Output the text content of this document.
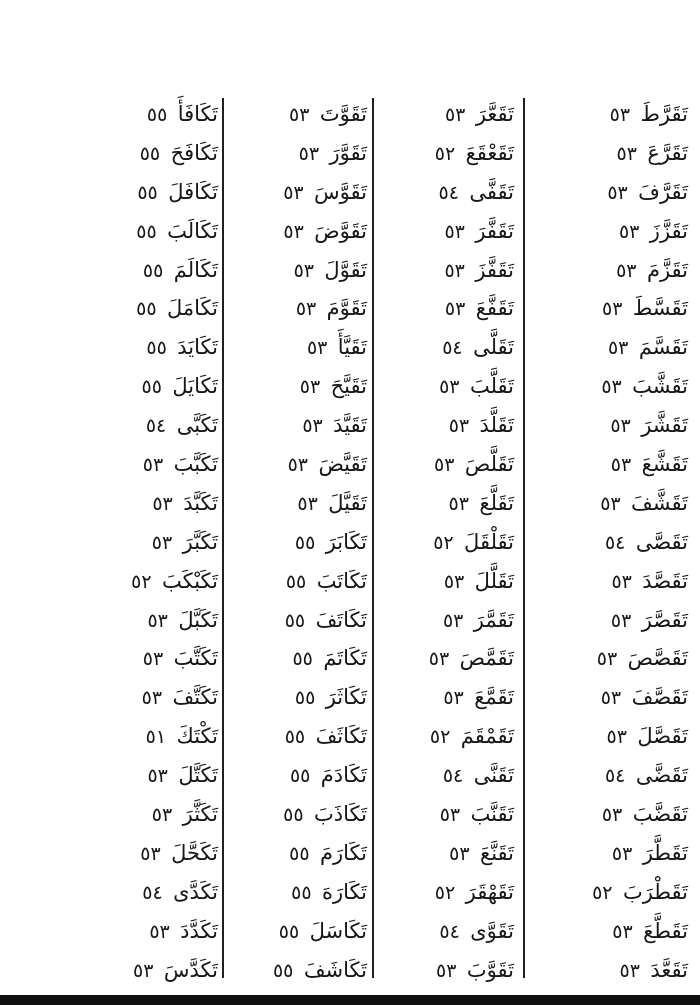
تَقَرَّطَ٥٣
تَقَرَّعَ٥٣
تَقَرَّفَ٥٣
تَقَزَّزَ٥٣
تَقَزَّمَ٥٣
تَقَسَّطَ٥٣
تَقَسَّمَ٥٣
تَقَشَّبَ٥٣
تَقَشَّرَ٥٣
تَقَشَّعَ٥٣
تَقَشَّفَ٥٣
تَقَصَّى٥٤
تَقَصَّدَ٥٣
تَقَصَّرَ٥٣
تَقَصَّصَ٥٣
تَقَصَّفَ٥٣
تَقَصَّلَ٥٣
تَقَضَّى٥٤
تَقَضَّبَ٥٣
تَقَطَّرَ٥٣
تَقَطْرَبَ٥٢
تَقَطَّعَ٥٣
تَقَعَّدَ٥٣
تَقَعَّرَ٥٣
تَقَعْقَعَ٥٢
تَقَفَّى٥٤
تَقَفَّرَ٥٣
تَقَفَّزَ٥٣
تَقَفَّعَ٥٣
تَقَلَّى٥٤
تَقَلَّبَ٥٣
تَقَلَّدَ٥٣
تَقَلَّصَ٥٣
تَقَلَّعَ٥٣
تَقَلْقَلَ٥٢
تَقَلَّلَ٥٣
تَقَمَّرَ٥٣
تَقَمَّصَ٥٣
تَقَمَّعَ٥٣
تَقَمْقَمَ٥٢
تَقَنَّى٥٤
تَقَنَّبَ٥٣
تَقَنَّعَ٥٣
تَقَهْقَرَ٥٢
تَقَوَّى٥٤
تَقَوَّبَ٥٣
تَقَوَّتَ٥٣
تَقَوَّرَ٥٣
تَقَوَّسَ٥٣
تَقَوَّضَ٥٣
تَقَوَّلَ٥٣
تَقَوَّمَ٥٣
تَقَيَّأَ٥٣
تَقَيَّحَ٥٣
تَقَيَّدَ٥٣
تَقَيَّضَ٥٣
تَقَيَّلَ٥٣
تَكَابَرَ٥٥
تَكَاتَبَ٥٥
تَكَاتَفَ٥٥
تَكَاتَمَ٥٥
تَكَاثَرَ٥٥
تَكَاثَفَ٥٥
تَكَادَمَ٥٥
تَكَاذَبَ٥٥
تَكَارَمَ٥٥
تَكَارَهَ٥٥
تَكَاسَلَ٥٥
تَكَاشَفَ٥٥
تَكَافَأَ٥٥
تَكَافَحَ٥٥
تَكَافَلَ٥٥
تَكَالَبَ٥٥
تَكَالَمَ٥٥
تَكَامَلَ٥٥
تَكَايَدَ٥٥
تَكَايَلَ٥٥
تَكَبَّى٥٤
تَكَبَّبَ٥٣
تَكَبَّدَ٥٣
تَكَبَّرَ٥٣
تَكَبْكَبَ٥٢
تَكَبَّلَ٥٣
تَكَتَّبَ٥٣
تَكَتَّفَ٥٣
تَكْتَكَ٥١
تَكَتَّلَ٥٣
تَكَثَّرَ٥٣
تَكَحَّلَ٥٣
تَكَدَّى٥٤
تَكَدَّدَ٥٣
تَكَدَّسَ٥٣
